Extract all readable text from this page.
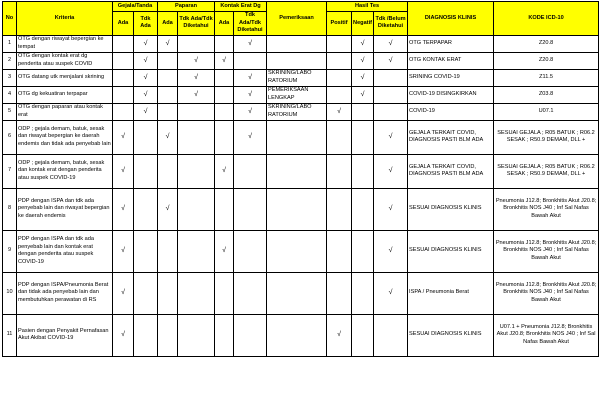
No	Kriteria	Gejala/Tanda		Paparan		Kontak Erat Dg		Pemeriksaan	Hasil Tes			DIAGNOSIS KLINIS	KODE ICD-10
		Ada	Tdk Ada	Ada	Tdk Ada/Tdk Diketahui	Ada	Tdk Ada/Tdk Diketahui		Positif	Negatif	Tdk /Belum Diketahui		
1	OTG dengan riwayat bepergian ke tempat		√	√			√			√	√	OTG TERPAPAR	Z20.8
2	OTG dengan kontak erat dg penderita atau suspek COVID		√		√	√				√	√	OTG KONTAK ERAT	Z20.8
3	OTG datang utk menjalani skrining		√		√		√	SKRINING/LABO RATORIUM		√		SRINING COVID-19	Z11.5
4	OTG dg kekuatiran terpapar		√		√		√	PEMERIKSAAN LENGKAP		√		COVID-19 DISINGKIRKAN	Z03.8
5	OTG dengan paparan atau kontak erat		√				√	SKRINING/LABO RATORIUM	√			COVID-19	U07.1
6	ODP ; gejala demam, batuk, sesak dan riwayat bepergian ke daerah endemis dan tidak ada penyebab lain	√		√			√				√	GEJALA TERKAIT COVID, DIAGNOSIS PASTI BLM ADA	SESUAI GEJALA ; R05 BATUK ; R06.2 SESAK ; R50.9 DEMAM, DLL +
7	ODP ; gejala demam, batuk, sesak dan kontak erat dengan penderita atau suspek COVID-19	√				√					√	GEJALA TERKAIT COVID, DIAGNOSIS PASTI BLM ADA	SESUAI GEJALA ; R05 BATUK ; R06.2 SESAK ; R50.9 DEMAM, DLL +
8	PDP dengan ISPA dan tdk ada penyebab lain dan riwayat bepergian ke daerah endemis	√		√							√	SESUAI DIAGNOSIS KLINIS	Pneumonia J12.8; Bronkhitis Akut J20.8; Bronkhitis NOS J40 ; Inf Sal Nafas Bawah Akut
9	PDP dengan ISPA dan tdk ada penyebab lain dan kontak erat dengan penderita atau suspek COVID-19	√				√					√	SESUAI DIAGNOSIS KLINIS	Pneumonia J12.8; Bronkhitis Akut J20.8; Bronkhitis NOS J40 ; Inf Sal Nafas Bawah Akut
10	PDP dengan ISPA/Pneumonia Berat dan tidak ada penyebab lain dan membutuhkan perawatan di RS	√									√	ISPA / Pneumonia Berat	Pneumonia J12.8; Bronkhitis Akut J20.8; Bronkhitis NOS J40 ; Inf Sal Nafas Bawah Akut
11	Pasien dengan Penyakit Pernafasan Akut Akibat COVID-19	√							√			SESUAI DIAGNOSIS KLINIS	U07.1 + Pneumonia J12.8; Bronkhitis Akut J20.8; Bronkhitis NOS J40 ; Inf Sal Nafas Bawah Akut
